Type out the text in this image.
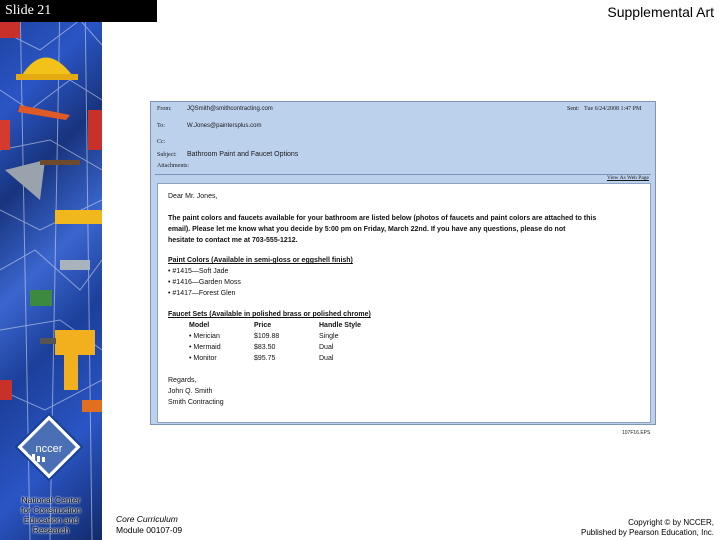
Slide 21	Supplemental Art
nccer
National Center
for Construction
Education and
Research
Core Curriculum
Module 00107-09
Copyright © by NCCER,
Published by Pearson Education, Inc.
From:	JQSmith@smithcontracting.com	Sent: Tue 6/24/2008 1:47 PM
To:	W.Jones@paintersplus.com
Cc:
Subject: Bathroom Paint and Faucet Options
Attachments:
View As Web Page
Dear Mr. Jones,
The paint colors and faucets available for your bathroom are listed below (photos of faucets and paint colors are attached to this
email). Please let me know what you decide by 5:00 pm on Friday, March 22nd. If you have any questions, please do not
hesitate to contact me at 703-555-1212.
Paint Colors (Available in semi-gloss or eggshell finish)
• #1415—Soft Jade
• #1416—Garden Moss
• #1417—Forest Glen
Faucet Sets (Available in polished brass or polished chrome)
Model	Price	Handle Style
• Merician	$109.88	Single
• Mermaid	$83.50	Dual
• Monitor	$95.75	Dual
Regards,
John Q. Smith
Smith Contracting
107F16.EPS
